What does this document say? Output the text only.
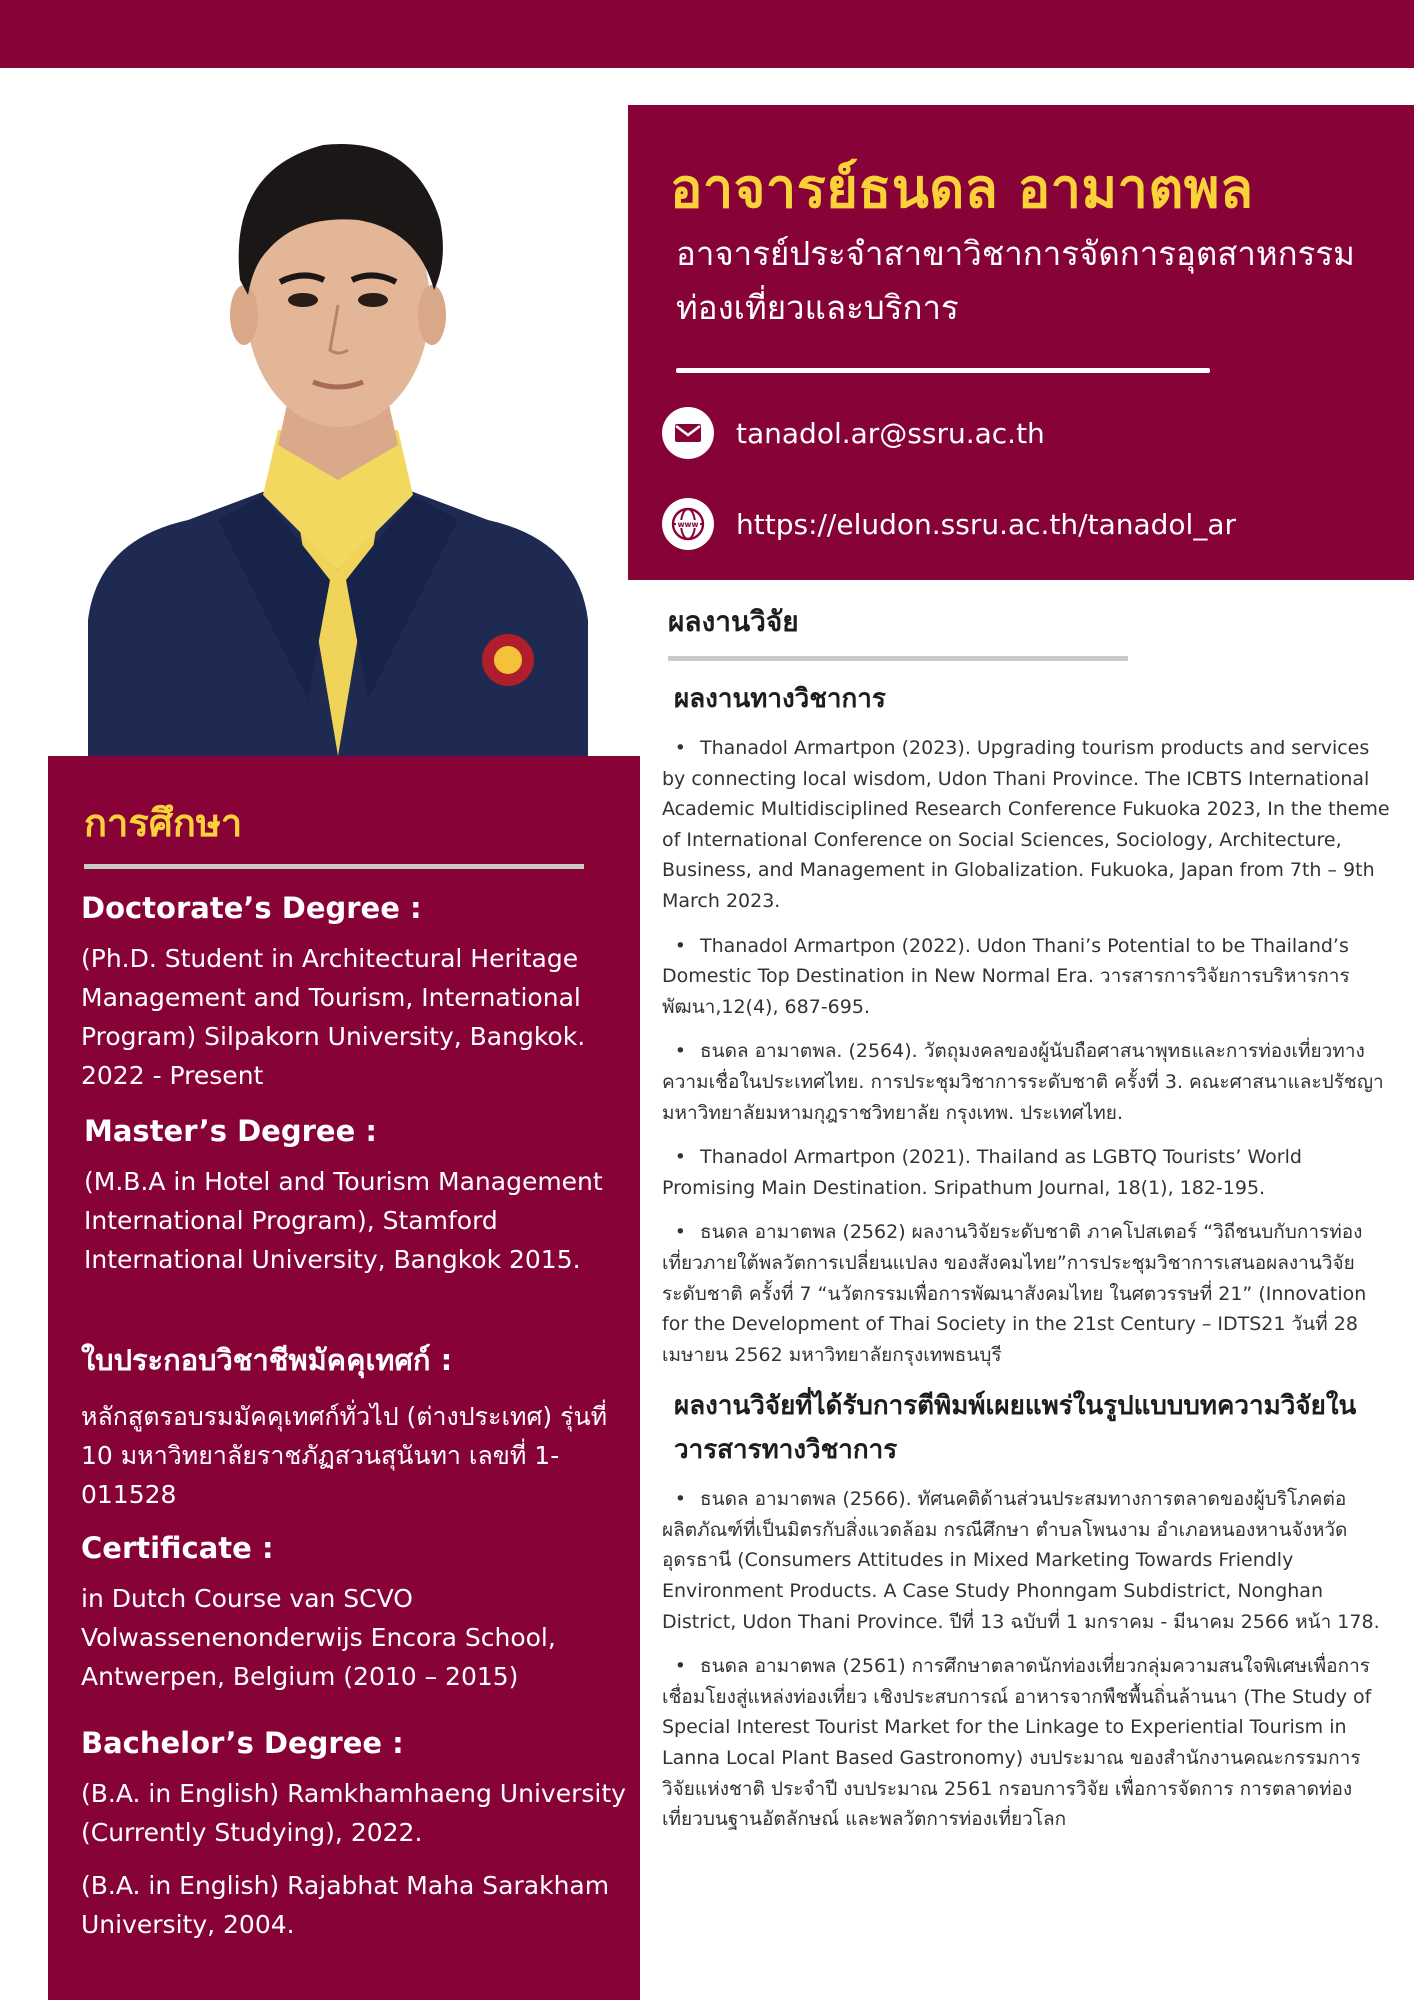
อาจารย์ธนดล อามาตพล
อาจารย์ประจำสาขาวิชาการจัดการอุตสาหกรรม ท่องเที่ยวและบริการ
tanadol.ar@ssru.ac.th
www https://eludon.ssru.ac.th/tanadol_ar
การศึกษา
Doctorate’s Degree :

(Ph.D. Student in Architectural Heritage Management and Tourism, International Program) Silpakorn University, Bangkok. 2022 - Present

Master’s Degree :

(M.B.A in Hotel and Tourism Management International Program), Stamford International University, Bangkok 2015.

ใบประกอบวิชาชีพมัคคุเทศก์ :

หลักสูตรอบรมมัคคุเทศก์ทั่วไป (ต่างประเทศ) รุ่นที่ 10 มหาวิทยาลัยราชภัฏสวนสุนันทา เลขที่ 1-011528

Certificate :

in Dutch Course van SCVO Volwassenenonderwijs Encora School, Antwerpen, Belgium (2010 – 2015)

Bachelor’s Degree :

(B.A. in English) Ramkhamhaeng University (Currently Studying), 2022.

(B.A. in English) Rajabhat Maha Sarakham University, 2004.

ผลงานวิจัย
ผลงานทางวิชาการ
• Thanadol Armartpon (2023). Upgrading tourism products and services by connecting local wisdom, Udon Thani Province. The ICBTS International Academic Multidisciplined Research Conference Fukuoka 2023, In the theme of International Conference on Social Sciences, Sociology, Architecture, Business, and Management in Globalization. Fukuoka, Japan from 7th – 9th March 2023.
• Thanadol Armartpon (2022). Udon Thani’s Potential to be Thailand’s Domestic Top Destination in New Normal Era. วารสารการวิจัยการบริหารการพัฒนา,12(4), 687-695.
• ธนดล อามาตพล. (2564). วัตถุมงคลของผู้นับถือศาสนาพุทธและการท่องเที่ยวทางความเชื่อในประเทศไทย. การประชุมวิชาการระดับชาติ ครั้งที่ 3. คณะศาสนาและปรัชญา มหาวิทยาลัยมหามกุฎราชวิทยาลัย กรุงเทพ. ประเทศไทย.
• Thanadol Armartpon (2021). Thailand as LGBTQ Tourists’ World Promising Main Destination. Sripathum Journal, 18(1), 182-195.
• ธนดล อามาตพล (2562) ผลงานวิจัยระดับชาติ ภาคโปสเตอร์ “วิถีชนบกับการท่องเที่ยวภายใต้พลวัตการเปลี่ยนแปลง ของสังคมไทย”การประชุมวิชาการเสนอผลงานวิจัยระดับชาติ ครั้งที่ 7 “นวัตกรรมเพื่อการพัฒนาสังคมไทย ในศตวรรษที่ 21” (Innovation for the Development of Thai Society in the 21st Century – IDTS21 วันที่ 28 เมษายน 2562 มหาวิทยาลัยกรุงเทพธนบุรี
ผลงานวิจัยที่ได้รับการตีพิมพ์เผยแพร่ในรูปแบบบทความวิจัยในวารสารทางวิชาการ
• ธนดล อามาตพล (2566). ทัศนคติด้านส่วนประสมทางการตลาดของผู้บริโภคต่อผลิตภัณฑ์ที่เป็นมิตรกับสิ่งแวดล้อม กรณีศึกษา ตำบลโพนงาม อำเภอหนองหานจังหวัดอุดรธานี (Consumers Attitudes in Mixed Marketing Towards Friendly Environment Products. A Case Study Phonngam Subdistrict, Nonghan District, Udon Thani Province. ปีที่ 13 ฉบับที่ 1 มกราคม - มีนาคม 2566 หน้า 178.
• ธนดล อามาตพล (2561) การศึกษาตลาดนักท่องเที่ยวกลุ่มความสนใจพิเศษเพื่อการเชื่อมโยงสู่แหล่งท่องเที่ยว เชิงประสบการณ์ อาหารจากพืชพื้นถิ่นล้านนา (The Study of Special Interest Tourist Market for the Linkage to Experiential Tourism in Lanna Local Plant Based Gastronomy) งบประมาณ ของสำนักงานคณะกรรมการวิจัยแห่งชาติ ประจำปี งบประมาณ 2561 กรอบการวิจัย เพื่อการจัดการ การตลาดท่องเที่ยวบนฐานอัตลักษณ์ และพลวัตการท่องเที่ยวโลก
